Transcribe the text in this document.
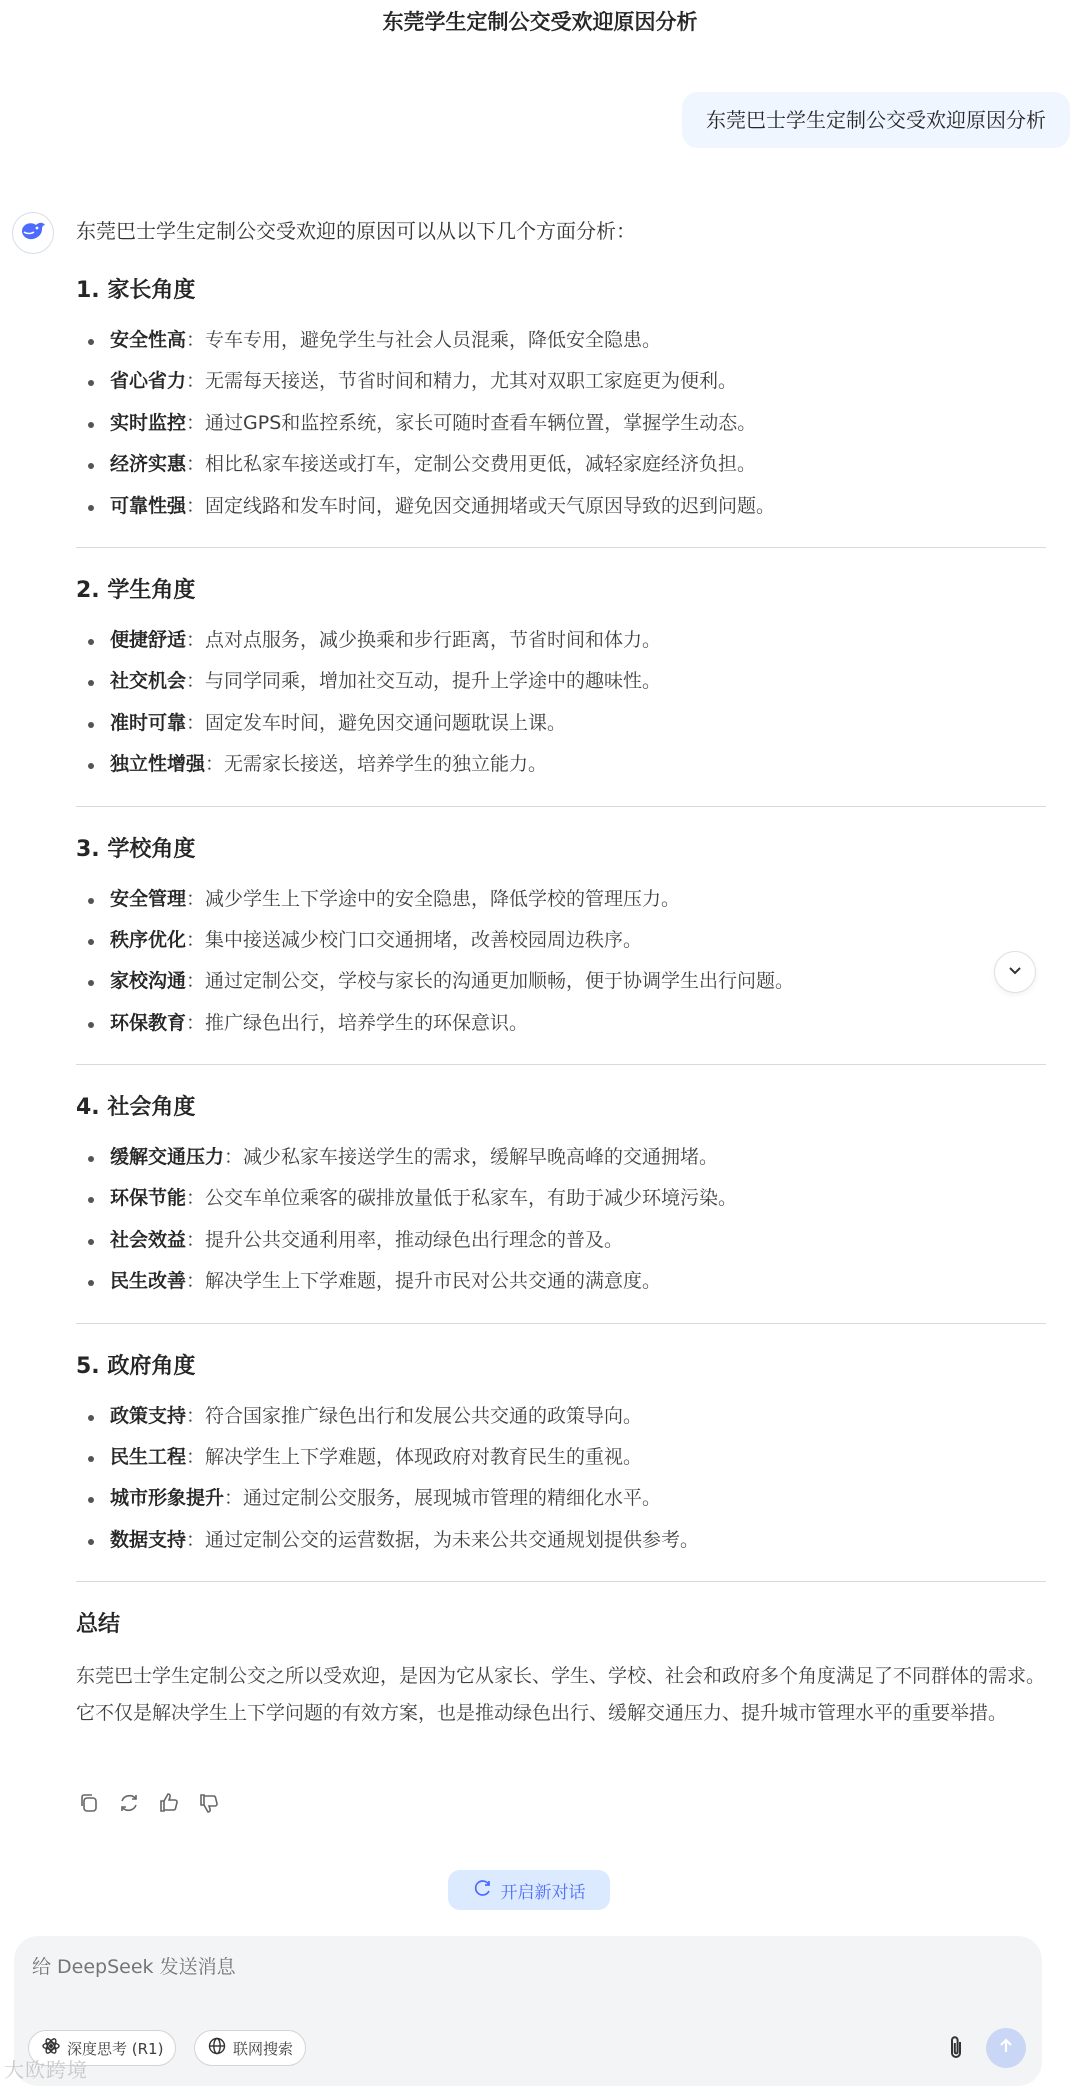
东莞学生定制公交受欢迎原因分析
东莞巴士学生定制公交受欢迎原因分析
东莞巴士学生定制公交受欢迎的原因可以从以下几个方面分析：
1. 家长角度
安全性高：专车专用，避免学生与社会人员混乘，降低安全隐患。
省心省力：无需每天接送，节省时间和精力，尤其对双职工家庭更为便利。
实时监控：通过GPS和监控系统，家长可随时查看车辆位置，掌握学生动态。
经济实惠：相比私家车接送或打车，定制公交费用更低，减轻家庭经济负担。
可靠性强：固定线路和发车时间，避免因交通拥堵或天气原因导致的迟到问题。
2. 学生角度
便捷舒适：点对点服务，减少换乘和步行距离，节省时间和体力。
社交机会：与同学同乘，增加社交互动，提升上学途中的趣味性。
准时可靠：固定发车时间，避免因交通问题耽误上课。
独立性增强：无需家长接送，培养学生的独立能力。
3. 学校角度
安全管理：减少学生上下学途中的安全隐患，降低学校的管理压力。
秩序优化：集中接送减少校门口交通拥堵，改善校园周边秩序。
家校沟通：通过定制公交，学校与家长的沟通更加顺畅，便于协调学生出行问题。
环保教育：推广绿色出行，培养学生的环保意识。
4. 社会角度
缓解交通压力：减少私家车接送学生的需求，缓解早晚高峰的交通拥堵。
环保节能：公交车单位乘客的碳排放量低于私家车，有助于减少环境污染。
社会效益：提升公共交通利用率，推动绿色出行理念的普及。
民生改善：解决学生上下学难题，提升市民对公共交通的满意度。
5. 政府角度
政策支持：符合国家推广绿色出行和发展公共交通的政策导向。
民生工程：解决学生上下学难题，体现政府对教育民生的重视。
城市形象提升：通过定制公交服务，展现城市管理的精细化水平。
数据支持：通过定制公交的运营数据，为未来公共交通规划提供参考。
总结
东莞巴士学生定制公交之所以受欢迎，是因为它从家长、学生、学校、社会和政府多个角度满足了不同群体的需求。它不仅是解决学生上下学问题的有效方案，也是推动绿色出行、缓解交通压力、提升城市管理水平的重要举措。
开启新对话
给 DeepSeek 发送消息
深度思考 (R1)	联网搜索
大欧跨境
